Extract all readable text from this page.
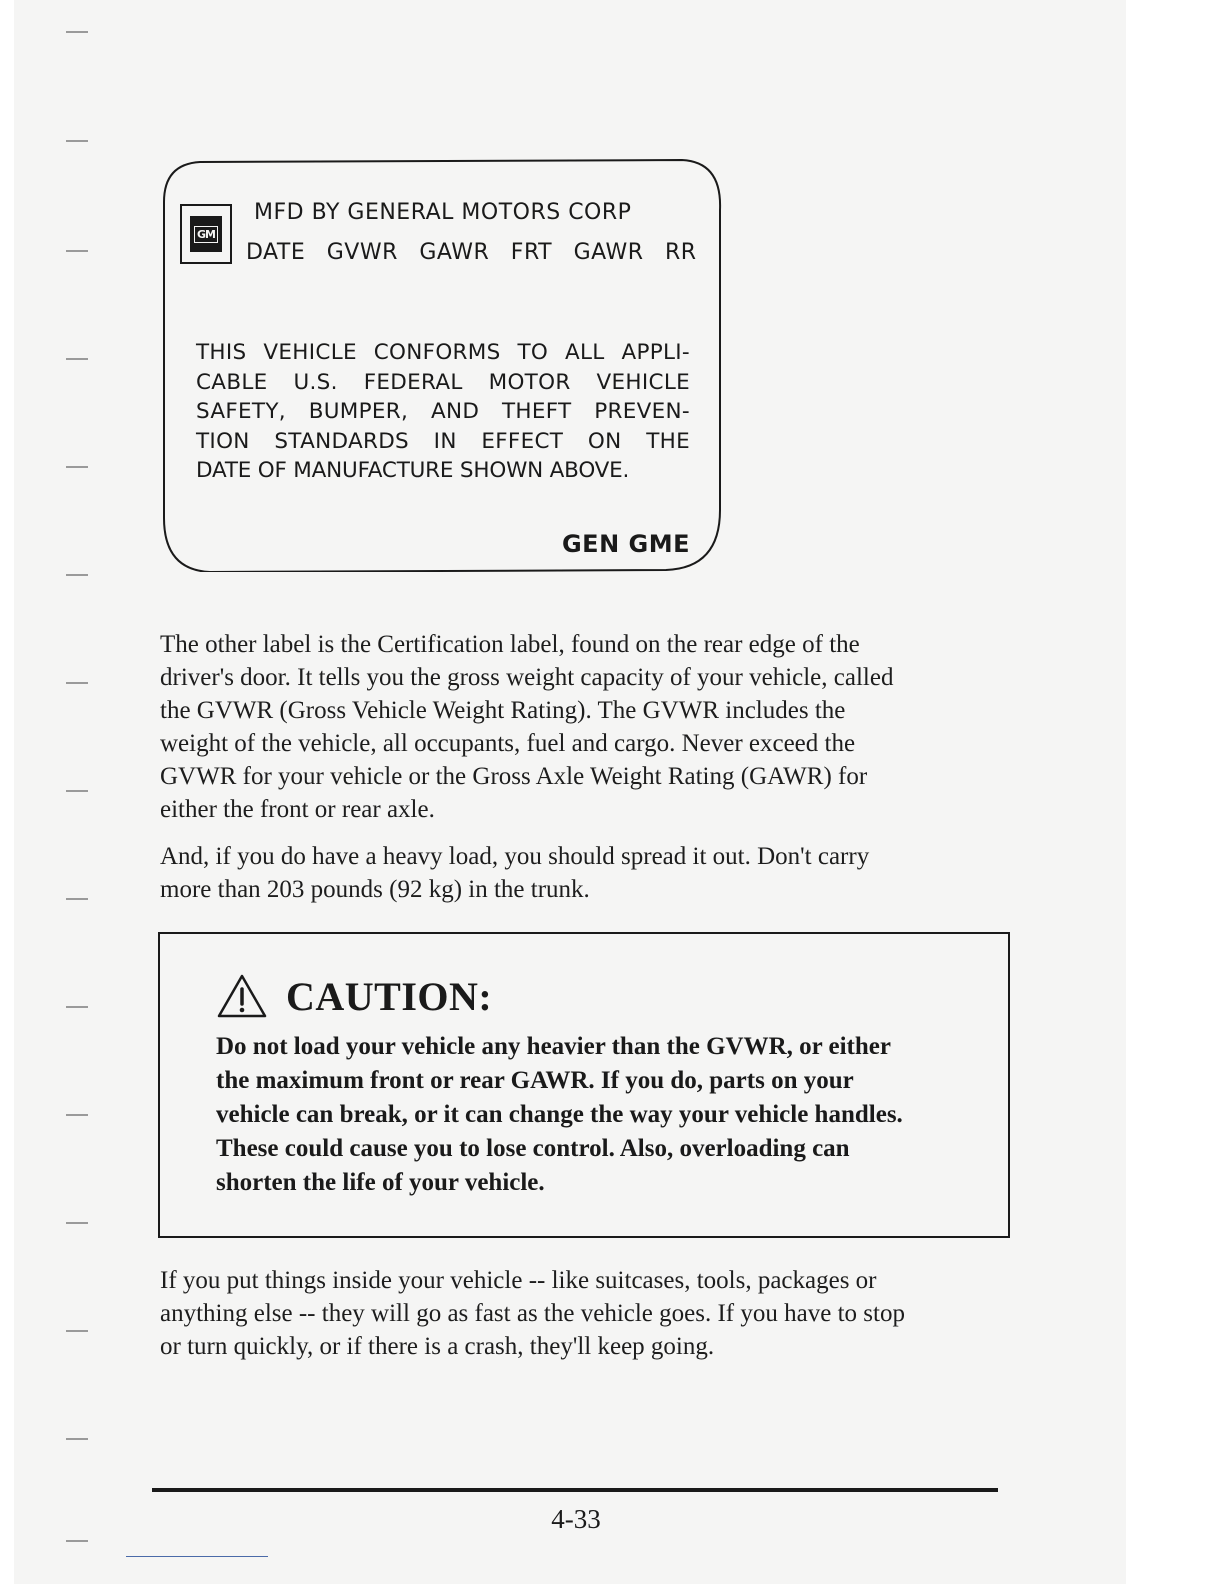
GM
MFD BY GENERAL MOTORS CORP
DATE GVWR GAWR FRT GAWR RR
THIS VEHICLE CONFORMS TO ALL APPLI-
CABLE U.S. FEDERAL MOTOR VEHICLE
SAFETY, BUMPER, AND THEFT PREVEN-
TION STANDARDS IN EFFECT ON THE
DATE OF MANUFACTURE SHOWN ABOVE.
GEN GME
The other label is the Certification label, found on the rear edge of the
driver's door. It tells you the gross weight capacity of your vehicle, called
the GVWR (Gross Vehicle Weight Rating). The GVWR includes the
weight of the vehicle, all occupants, fuel and cargo. Never exceed the
GVWR for your vehicle or the Gross Axle Weight Rating (GAWR) for
either the front or rear axle.
And, if you do have a heavy load, you should spread it out. Don't carry
more than 203 pounds (92 kg) in the trunk.
CAUTION:
Do not load your vehicle any heavier than the GVWR, or either
the maximum front or rear GAWR. If you do, parts on your
vehicle can break, or it can change the way your vehicle handles.
These could cause you to lose control. Also, overloading can
shorten the life of your vehicle.
If you put things inside your vehicle -- like suitcases, tools, packages or
anything else -- they will go as fast as the vehicle goes. If you have to stop
or turn quickly, or if there is a crash, they'll keep going.
4-33
